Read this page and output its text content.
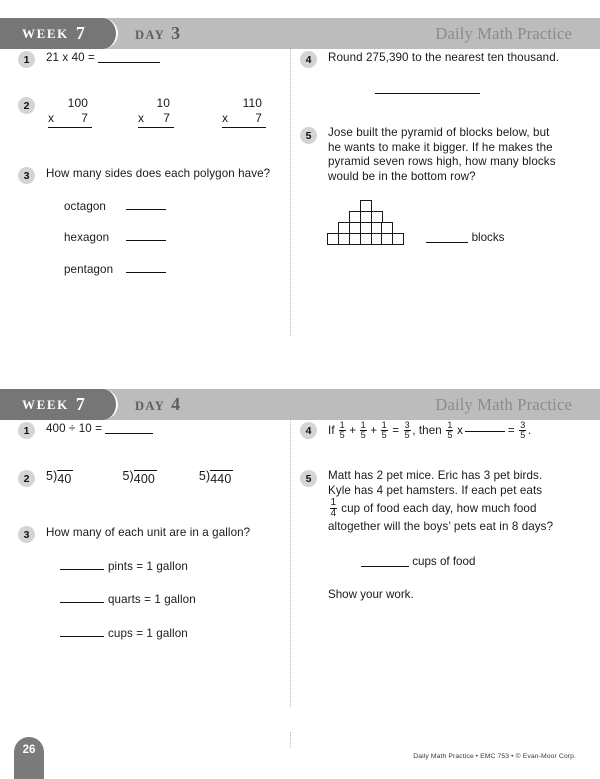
WEEK 7	DAY 3	Daily Math Practice
1	21 x 40 =
2	100
x 7
10
x 7
110
x 7
3	How many sides does each polygon have?
octagon
hexagon
pentagon
4	Round 275,390 to the nearest ten thousand.
5	Jose built the pyramid of blocks below, but he wants to make it bigger. If he makes the pyramid seven rows high, how many blocks would be in the bottom row?
blocks
WEEK 7	DAY 4	Daily Math Practice
1	400 ÷ 10 =
2	5 ) 40	5 ) 400	5 ) 440
3	How many of each unit are in a gallon?
pints = 1 gallon
quarts = 1 gallon
cups = 1 gallon
4	If $\frac{1}{5} + \frac{1}{5} + \frac{1}{5} = \frac{3}{5}$ , then $\frac{1}{5}$ x	= $\frac{3}{5}$ .
5	Matt has 2 pet mice. Eric has 3 pet birds.
Kyle has 4 pet hamsters. If each pet eats
$\frac{1}{4}$ cup of food each day, how much food
altogether will the boys’ pets eat in 8 days?
cups of food
Show your work.
26
Daily Math Practice • EMC 753 • © Evan-Moor Corp.
